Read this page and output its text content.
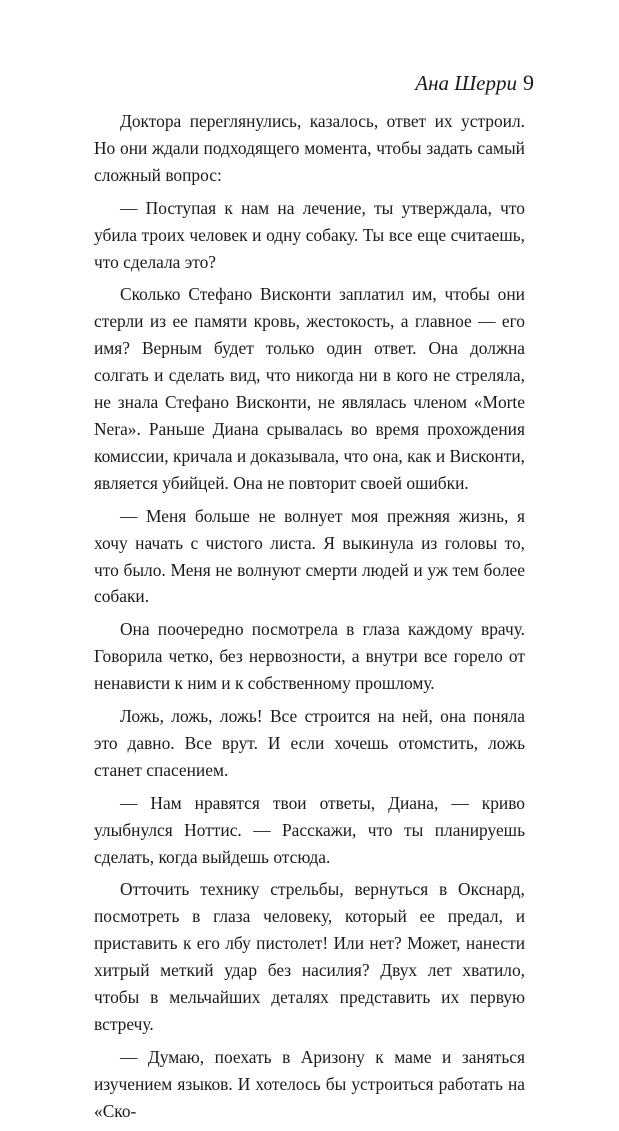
Ана Шерри 9

Доктора переглянулись, казалось, ответ их устроил. Но они ждали подходящего момента, чтобы задать самый сложный вопрос:

— Поступая к нам на лечение, ты утверждала, что убила троих человек и одну собаку. Ты все еще считаешь, что сделала это?

Сколько Стефано Висконти заплатил им, чтобы они стерли из ее памяти кровь, жестокость, а главное — его имя? Верным будет только один ответ. Она должна солгать и сделать вид, что никогда ни в кого не стреляла, не знала Стефано Висконти, не являлась членом «Morte Nera». Раньше Диана срывалась во время прохождения комиссии, кричала и доказывала, что она, как и Висконти, является убийцей. Она не повторит своей ошибки.

— Меня больше не волнует моя прежняя жизнь, я хочу начать с чистого листа. Я выкинула из головы то, что было. Меня не волнуют смерти людей и уж тем более собаки.

Она поочередно посмотрела в глаза каждому врачу. Говорила четко, без нервозности, а внутри все горело от ненависти к ним и к собственному прошлому.

Ложь, ложь, ложь! Все строится на ней, она поняла это давно. Все врут. И если хочешь отомстить, ложь станет спасением.

— Нам нравятся твои ответы, Диана, — криво улыбнулся Ноттис. — Расскажи, что ты планируешь сделать, когда выйдешь отсюда.

Отточить технику стрельбы, вернуться в Окснард, посмотреть в глаза человеку, который ее предал, и приставить к его лбу пистолет! Или нет? Может, нанести хитрый меткий удар без насилия? Двух лет хватило, чтобы в мельчайших деталях представить их первую встречу.

— Думаю, поехать в Аризону к маме и заняться изучением языков. И хотелось бы устроиться работать на «Ско-
